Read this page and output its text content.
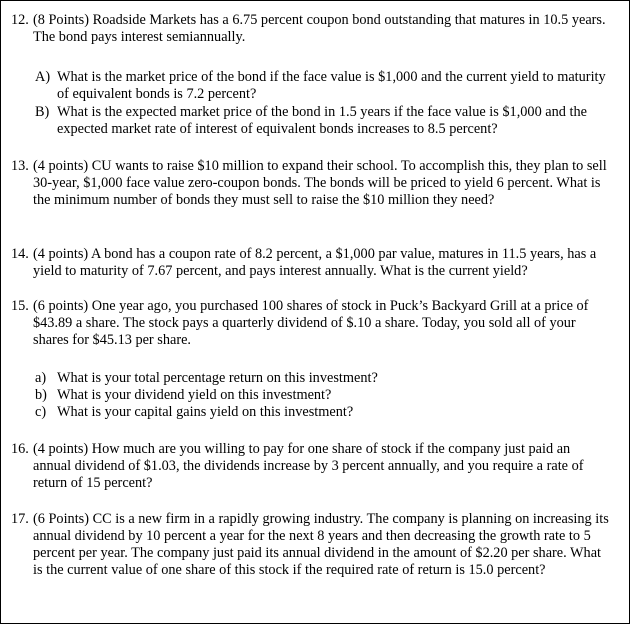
12. (8 Points) Roadside Markets has a 6.75 percent coupon bond outstanding that matures in 10.5 years. The bond pays interest semiannually.
A) What is the market price of the bond if the face value is $1,000 and the current yield to maturity of equivalent bonds is 7.2 percent?
B) What is the expected market price of the bond in 1.5 years if the face value is $1,000 and the expected market rate of interest of equivalent bonds increases to 8.5 percent?
13. (4 points) CU wants to raise $10 million to expand their school. To accomplish this, they plan to sell 30-year, $1,000 face value zero-coupon bonds. The bonds will be priced to yield 6 percent. What is the minimum number of bonds they must sell to raise the $10 million they need?
14. (4 points) A bond has a coupon rate of 8.2 percent, a $1,000 par value, matures in 11.5 years, has a yield to maturity of 7.67 percent, and pays interest annually. What is the current yield?
15. (6 points) One year ago, you purchased 100 shares of stock in Puck’s Backyard Grill at a price of $43.89 a share. The stock pays a quarterly dividend of $.10 a share. Today, you sold all of your shares for $45.13 per share.
a) What is your total percentage return on this investment?
b) What is your dividend yield on this investment?
c) What is your capital gains yield on this investment?
16. (4 points) How much are you willing to pay for one share of stock if the company just paid an annual dividend of $1.03, the dividends increase by 3 percent annually, and you require a rate of return of 15 percent?
17. (6 Points) CC is a new firm in a rapidly growing industry. The company is planning on increasing its annual dividend by 10 percent a year for the next 8 years and then decreasing the growth rate to 5 percent per year. The company just paid its annual dividend in the amount of $2.20 per share. What is the current value of one share of this stock if the required rate of return is 15.0 percent?
